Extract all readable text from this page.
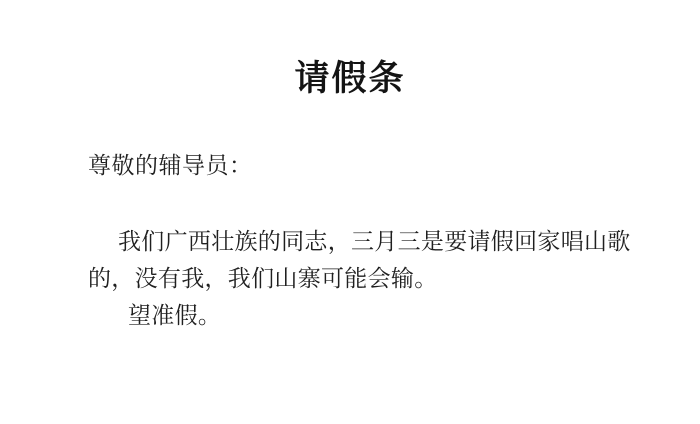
请假条

尊敬的辅导员：

我们广西壮族的同志，三月三是要请假回家唱山歌
的，没有我，我们山寨可能会输。
望准假。
